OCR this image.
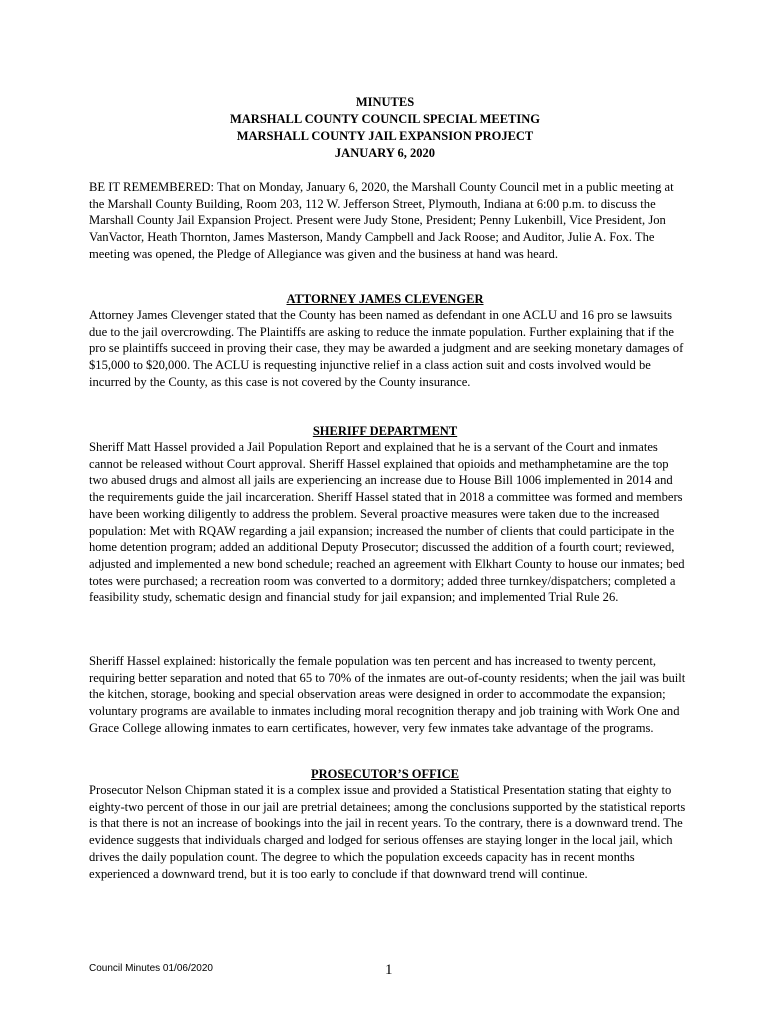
MINUTES
MARSHALL COUNTY COUNCIL SPECIAL MEETING
MARSHALL COUNTY JAIL EXPANSION PROJECT
JANUARY 6, 2020

BE IT REMEMBERED: That on Monday, January 6, 2020, the Marshall County Council met in a public meeting at the Marshall County Building, Room 203, 112 W. Jefferson Street, Plymouth, Indiana at 6:00 p.m. to discuss the Marshall County Jail Expansion Project. Present were Judy Stone, President; Penny Lukenbill, Vice President, Jon VanVactor, Heath Thornton, James Masterson, Mandy Campbell and Jack Roose; and Auditor, Julie A. Fox. The meeting was opened, the Pledge of Allegiance was given and the business at hand was heard.

ATTORNEY JAMES CLEVENGER

Attorney James Clevenger stated that the County has been named as defendant in one ACLU and 16 pro se lawsuits due to the jail overcrowding. The Plaintiffs are asking to reduce the inmate population. Further explaining that if the pro se plaintiffs succeed in proving their case, they may be awarded a judgment and are seeking monetary damages of $15,000 to $20,000. The ACLU is requesting injunctive relief in a class action suit and costs involved would be incurred by the County, as this case is not covered by the County insurance.

SHERIFF DEPARTMENT

Sheriff Matt Hassel provided a Jail Population Report and explained that he is a servant of the Court and inmates cannot be released without Court approval. Sheriff Hassel explained that opioids and methamphetamine are the top two abused drugs and almost all jails are experiencing an increase due to House Bill 1006 implemented in 2014 and the requirements guide the jail incarceration. Sheriff Hassel stated that in 2018 a committee was formed and members have been working diligently to address the problem. Several proactive measures were taken due to the increased population: Met with RQAW regarding a jail expansion; increased the number of clients that could participate in the home detention program; added an additional Deputy Prosecutor; discussed the addition of a fourth court; reviewed, adjusted and implemented a new bond schedule; reached an agreement with Elkhart County to house our inmates; bed totes were purchased; a recreation room was converted to a dormitory; added three turnkey/dispatchers; completed a feasibility study, schematic design and financial study for jail expansion; and implemented Trial Rule 26.

Sheriff Hassel explained: historically the female population was ten percent and has increased to twenty percent, requiring better separation and noted that 65 to 70% of the inmates are out-of-county residents; when the jail was built the kitchen, storage, booking and special observation areas were designed in order to accommodate the expansion; voluntary programs are available to inmates including moral recognition therapy and job training with Work One and Grace College allowing inmates to earn certificates, however, very few inmates take advantage of the programs.

PROSECUTOR’S OFFICE

Prosecutor Nelson Chipman stated it is a complex issue and provided a Statistical Presentation stating that eighty to eighty-two percent of those in our jail are pretrial detainees; among the conclusions supported by the statistical reports is that there is not an increase of bookings into the jail in recent years. To the contrary, there is a downward trend. The evidence suggests that individuals charged and lodged for serious offenses are staying longer in the local jail, which drives the daily population count. The degree to which the population exceeds capacity has in recent months experienced a downward trend, but it is too early to conclude if that downward trend will continue.

Council Minutes 01/06/2020	1
